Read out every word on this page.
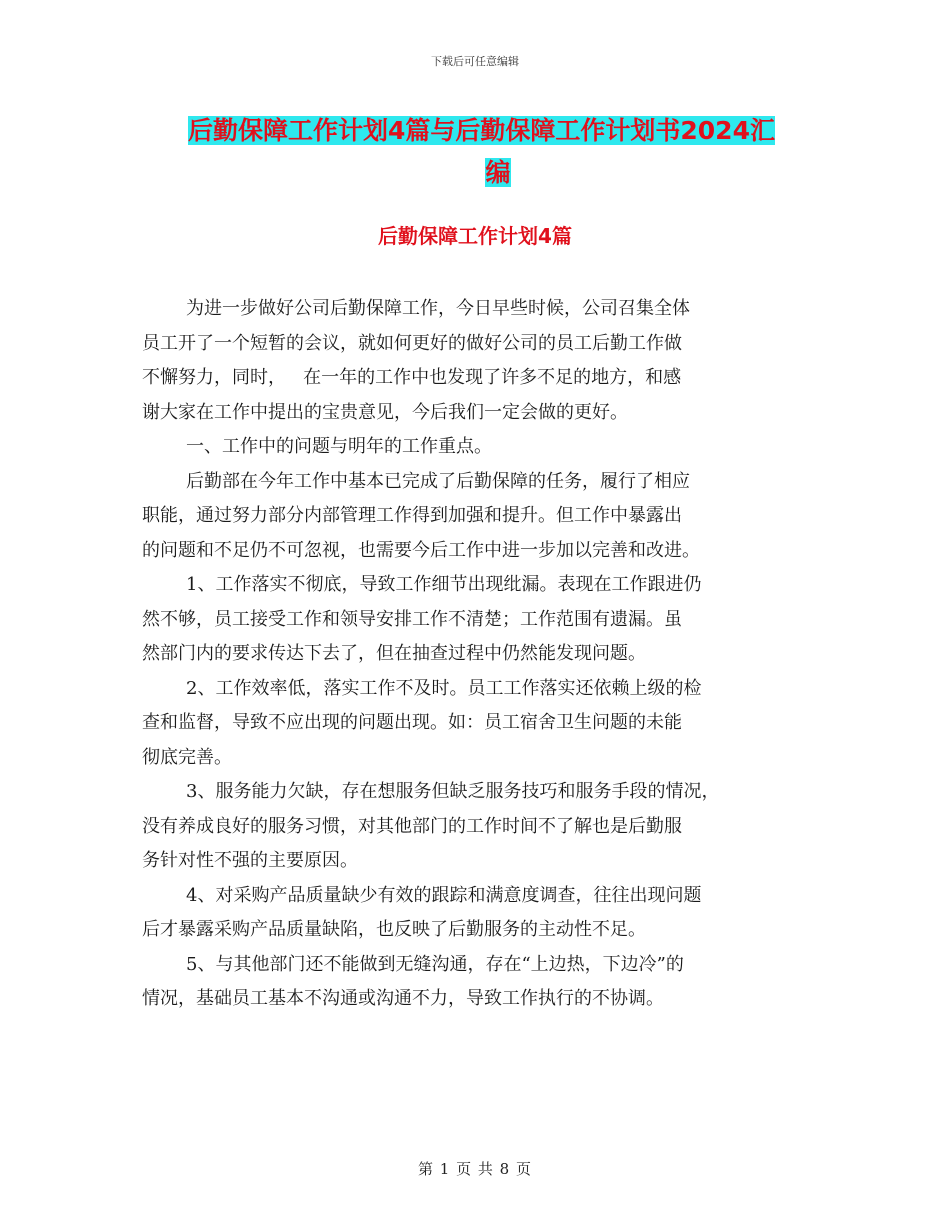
下载后可任意编辑
后勤保障工作计划4篇与后勤保障工作计划书2024汇
编
后勤保障工作计划4篇

为进一步做好公司后勤保障工作，今日早些时候，公司召集全体
员工开了一个短暂的会议，就如何更好的做好公司的员工后勤工作做
不懈努力，同时，   在一年的工作中也发现了许多不足的地方，和感
谢大家在工作中提出的宝贵意见，今后我们一定会做的更好。

一、工作中的问题与明年的工作重点。

后勤部在今年工作中基本已完成了后勤保障的任务，履行了相应
职能，通过努力部分内部管理工作得到加强和提升。但工作中暴露出
的问题和不足仍不可忽视，也需要今后工作中进一步加以完善和改进。

1、工作落实不彻底，导致工作细节出现纰漏。表现在工作跟进仍
然不够，员工接受工作和领导安排工作不清楚；工作范围有遗漏。虽
然部门内的要求传达下去了，但在抽查过程中仍然能发现问题。

2、工作效率低，落实工作不及时。员工工作落实还依赖上级的检
查和监督，导致不应出现的问题出现。如：员工宿舍卫生问题的未能
彻底完善。

3、服务能力欠缺，存在想服务但缺乏服务技巧和服务手段的情况，
没有养成良好的服务习惯，对其他部门的工作时间不了解也是后勤服
务针对性不强的主要原因。

4、对采购产品质量缺少有效的跟踪和满意度调查，往往出现问题
后才暴露采购产品质量缺陷，也反映了后勤服务的主动性不足。

5、与其他部门还不能做到无缝沟通，存在“上边热，下边冷”的
情况，基础员工基本不沟通或沟通不力，导致工作执行的不协调。

第 1 页 共 8 页
